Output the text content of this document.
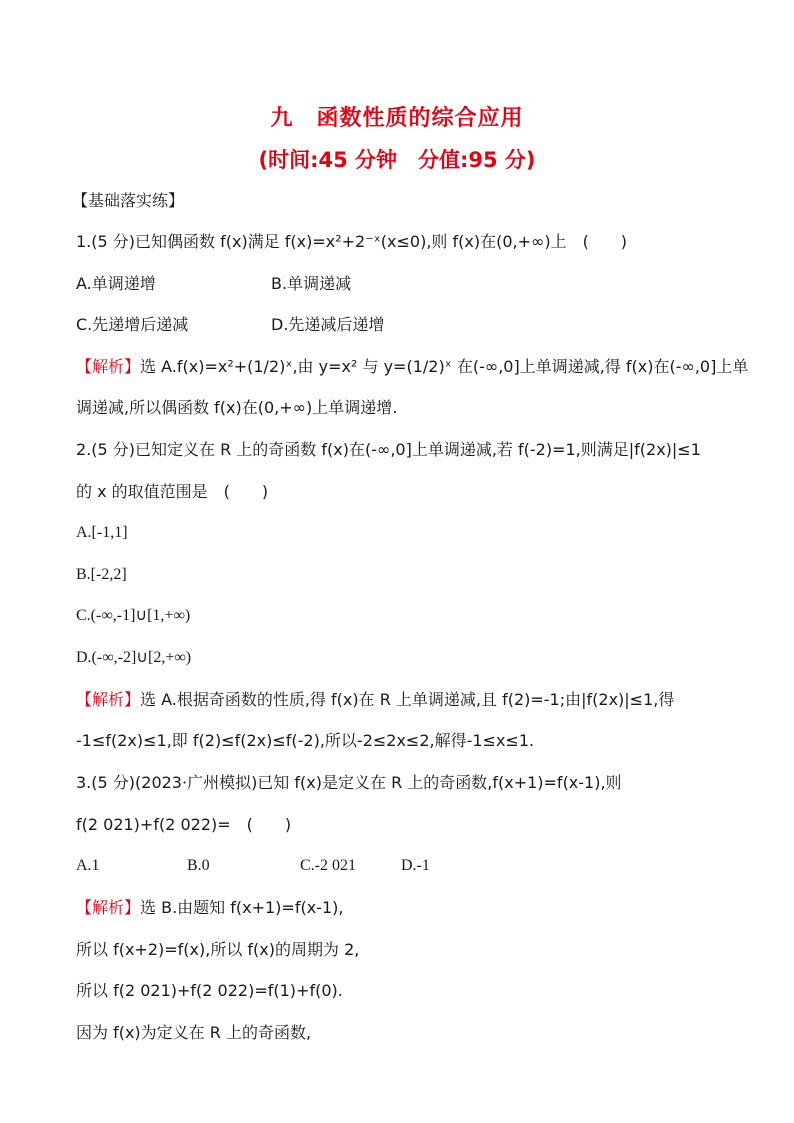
九　函数性质的综合应用
(时间:45 分钟　分值:95 分)
【基础落实练】
1.(5 分)已知偶函数 f(x)满足 f(x)=x²+2⁻ˣ(x≤0),则 f(x)在(0,+∞)上　(　　)
A.单调递增	B.单调递减
C.先递增后递减	D.先递减后递增
【解析】选 A.f(x)=x²+(1/2)ˣ,由 y=x² 与 y=(1/2)ˣ 在(-∞,0]上单调递减,得 f(x)在(-∞,0]上单
调递减,所以偶函数 f(x)在(0,+∞)上单调递增.
2.(5 分)已知定义在 R 上的奇函数 f(x)在(-∞,0]上单调递减,若 f(-2)=1,则满足|f(2x)|≤1
的 x 的取值范围是　(　　)
A.[-1,1]
B.[-2,2]
C.(-∞,-1]∪[1,+∞)
D.(-∞,-2]∪[2,+∞)
【解析】选 A.根据奇函数的性质,得 f(x)在 R 上单调递减,且 f(2)=-1;由|f(2x)|≤1,得
-1≤f(2x)≤1,即 f(2)≤f(2x)≤f(-2),所以-2≤2x≤2,解得-1≤x≤1.
3.(5 分)(2023·广州模拟)已知 f(x)是定义在 R 上的奇函数,f(x+1)=f(x-1),则
f(2 021)+f(2 022)=　(　　)
A.1	B.0	C.-2 021	D.-1
【解析】选 B.由题知 f(x+1)=f(x-1),
所以 f(x+2)=f(x),所以 f(x)的周期为 2,
所以 f(2 021)+f(2 022)=f(1)+f(0).
因为 f(x)为定义在 R 上的奇函数,
